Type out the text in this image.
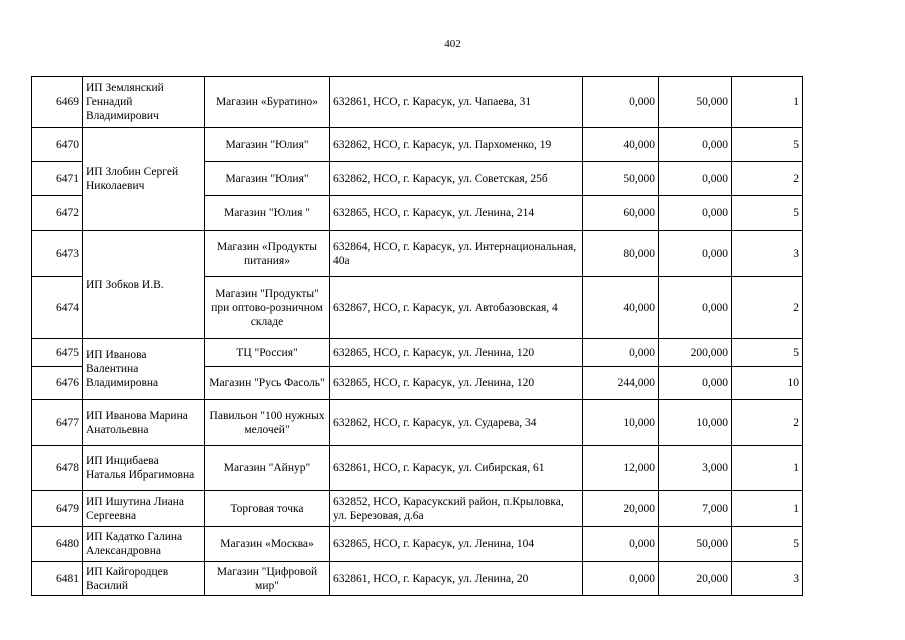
402
6469	ИП Землянский Геннадий Владимирович	Магазин «Буратино»	632861, НСО, г. Карасук, ул. Чапаева, 31	0,000	50,000	1
6470	ИП Злобин Сергей Николаевич	Магазин "Юлия"	632862, НСО, г. Карасук, ул. Пархоменко, 19	40,000	0,000	5
6471		Магазин "Юлия"	632862, НСО, г. Карасук, ул. Советская, 25б	50,000	0,000	2
6472		Магазин "Юлия "	632865, НСО, г. Карасук, ул. Ленина, 214	60,000	0,000	5
6473	ИП Зобков И.В.	Магазин «Продукты питания»	632864, НСО, г. Карасук, ул. Интернациональная, 40а	80,000	0,000	3
6474		Магазин "Продукты" при оптово-розничном складе	632867, НСО, г. Карасук, ул. Автобазовская, 4	40,000	0,000	2
6475	ИП Иванова Валентина Владимировна	ТЦ "Россия"	632865, НСО, г. Карасук, ул. Ленина, 120	0,000	200,000	5
6476		Магазин "Русь Фасоль"	632865, НСО, г. Карасук, ул. Ленина, 120	244,000	0,000	10
6477	ИП Иванова Марина Анатольевна	Павильон "100 нужных мелочей"	632862, НСО, г. Карасук, ул. Сударева, 34	10,000	10,000	2
6478	ИП Инцибаева Наталья Ибрагимовна	Магазин "Айнур"	632861, НСО, г. Карасук, ул. Сибирская, 61	12,000	3,000	1
6479	ИП Ишутина Лиана Сергеевна	Торговая точка	632852, НСО, Карасукский район, п.Крыловка, ул. Березовая, д.6а	20,000	7,000	1
6480	ИП Кадатко Галина Александровна	Магазин «Москва»	632865, НСО, г. Карасук, ул. Ленина, 104	0,000	50,000	5
6481	ИП Кайгородцев Василий	Магазин "Цифровой мир"	632861, НСО, г. Карасук, ул. Ленина, 20	0,000	20,000	3
